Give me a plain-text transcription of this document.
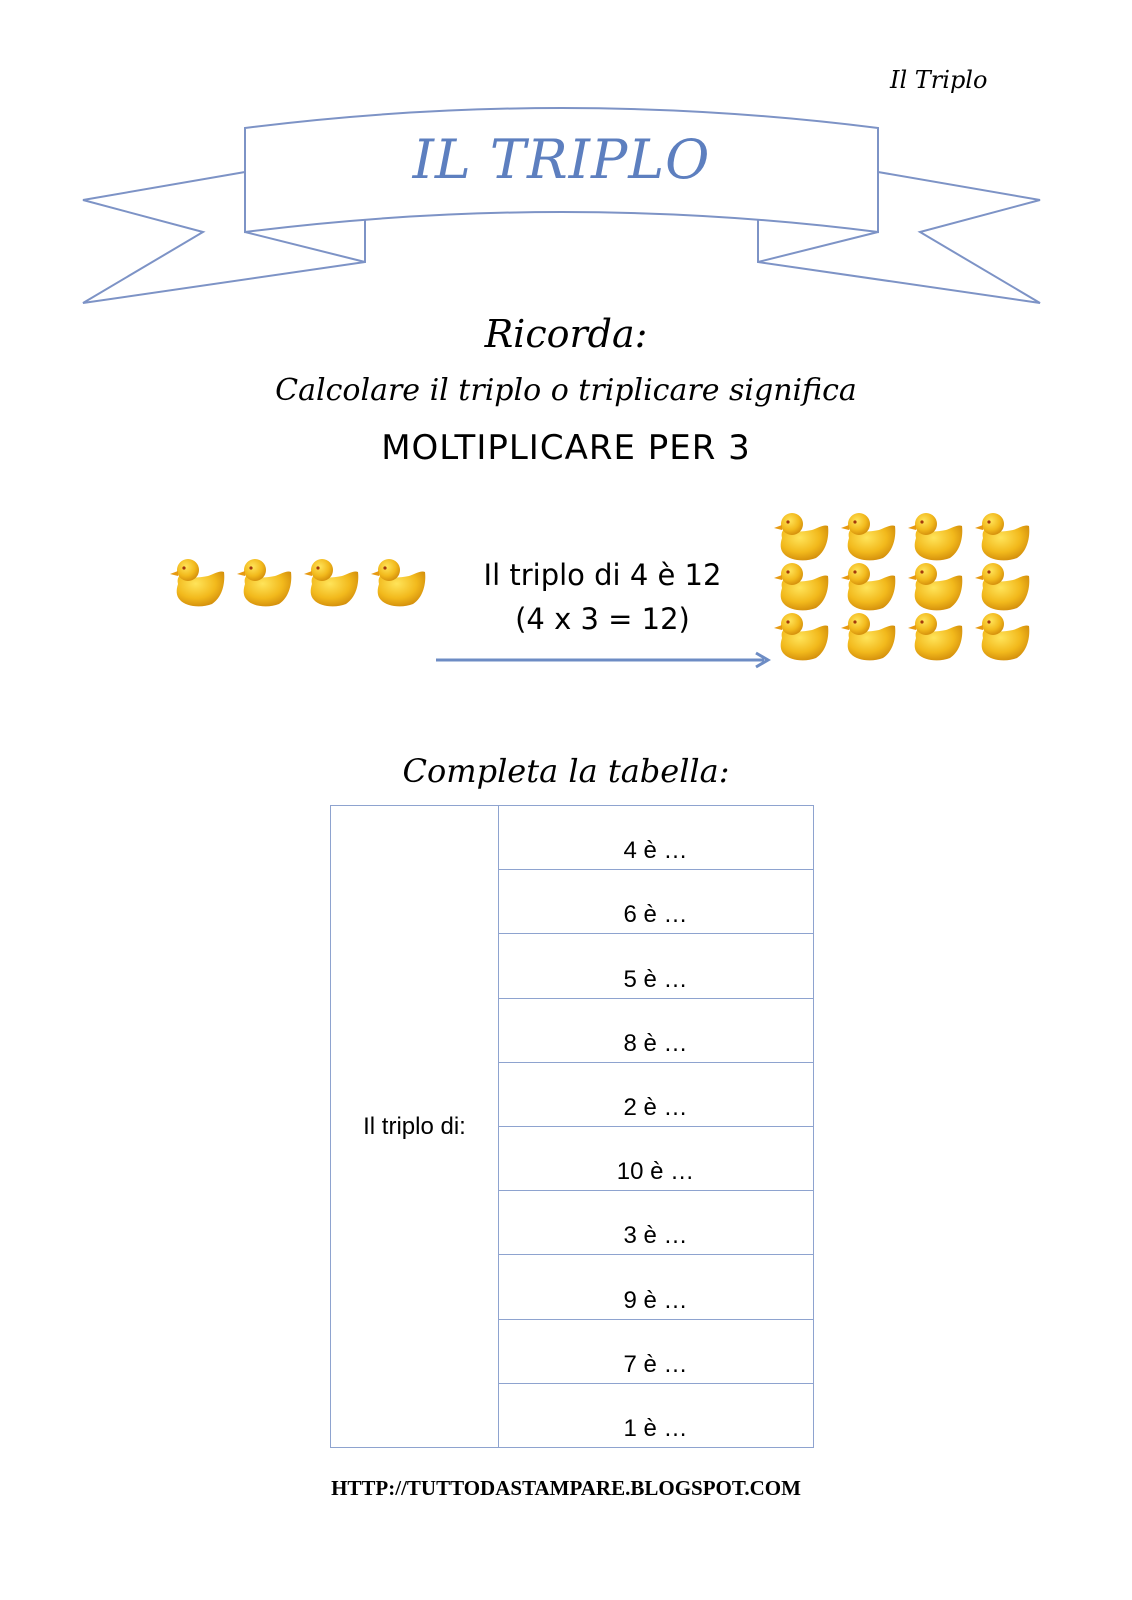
Il Triplo
IL TRIPLO
Ricorda:
Calcolare il triplo o triplicare significa
MOLTIPLICARE PER 3
Il triplo di 4 è 12
(4 x 3 = 12)
Completa la tabella:
Il triplo di:
4 è …
6 è …
5 è …
8 è …
2 è …
10 è …
3 è …
9 è …
7 è …
1 è …
HTTP://TUTTODASTAMPARE.BLOGSPOT.COM
